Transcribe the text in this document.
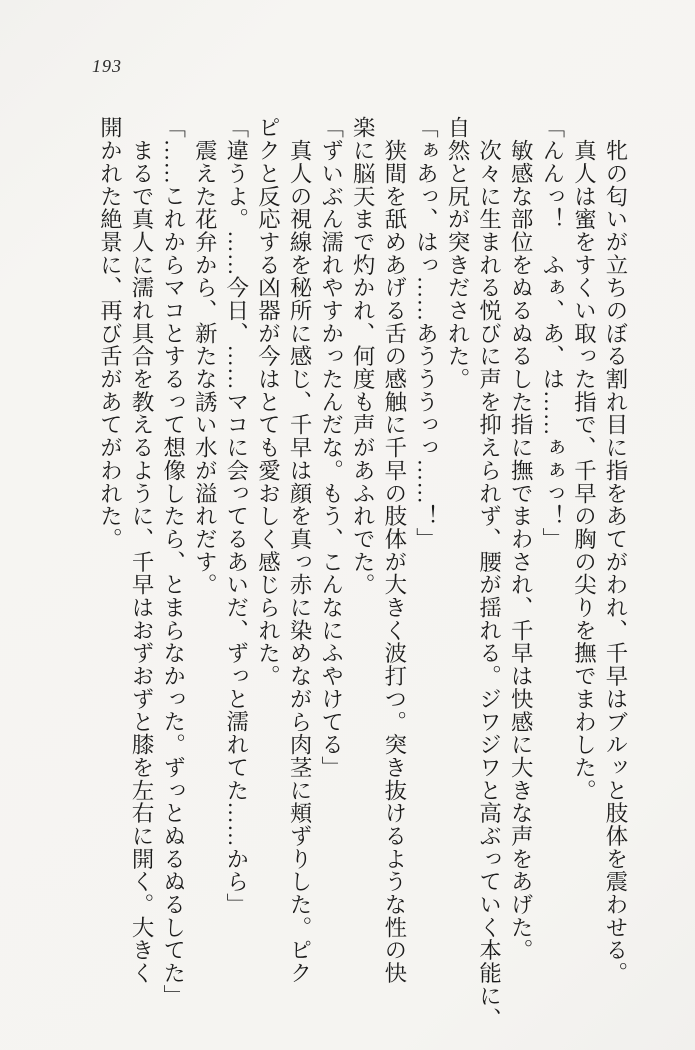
193

　牝の匂いが立ちのぼる割れ目に指をあてがわれ、千早はブルッと肢体を震わせる。

　真人は蜜をすくい取った指で、千早の胸の尖りを撫でまわした。

「んんっ！　ふぁ、あ、は……ぁぁっ！」

　敏感な部位をぬるぬるした指に撫でまわされ、千早は快感に大きな声をあげた。

　次々に生まれる悦びに声を抑えられず、腰が揺れる。ジワジワと高ぶっていく本能に、

自然と尻が突きだされた。

「ぁあっ、はっ……あうううっっ……！」

　狭間を舐めあげる舌の感触に千早の肢体が大きく波打つ。突き抜けるような性の快

楽に脳天まで灼かれ、何度も声があふれでた。

「ずいぶん濡れやすかったんだな。もう、こんなにふやけてる」

　真人の視線を秘所に感じ、千早は顔を真っ赤に染めながら肉茎に頬ずりした。ピク

ピクと反応する凶器が今はとても愛おしく感じられた。

「違うよ。……今日、……マコに会ってるあいだ、ずっと濡れてた……から」

　震えた花弁から、新たな誘い水が溢れだす。

「……これからマコとするって想像したら、とまらなかった。ずっとぬるぬるしてた」

　まるで真人に濡れ具合を教えるように、千早はおずおずと膝を左右に開く。大きく

開かれた絶景に、再び舌があてがわれた。
